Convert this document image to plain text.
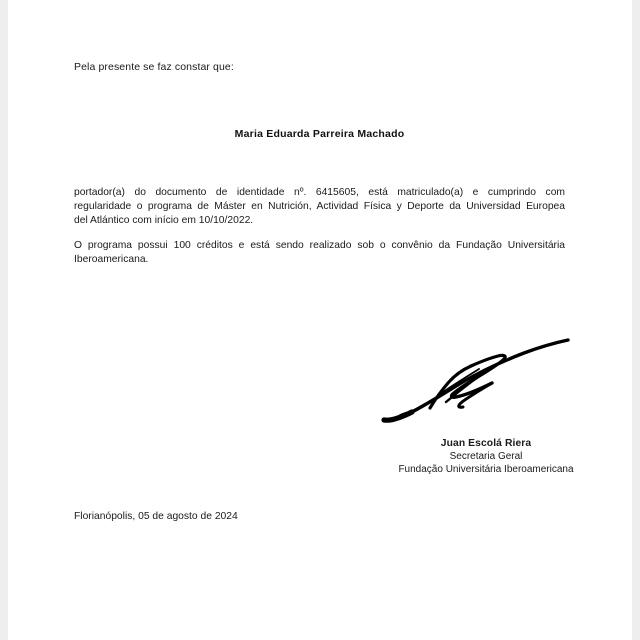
Pela presente se faz constar que:
Maria Eduarda Parreira Machado
portador(a) do documento de identidade nº. 6415605, está matriculado(a) e cumprindo com
regularidade o programa de Máster en Nutrición, Actividad Física y Deporte da Universidad Europea
del Atlántico com início em 10/10/2022.
O programa possui 100 créditos e está sendo realizado sob o convênio da Fundação Universitária
Iberoamericana.
Florianópolis, 05 de agosto de 2024
Juan Escolá Riera
Secretaria Geral
Fundação Universitária Iberoamericana
